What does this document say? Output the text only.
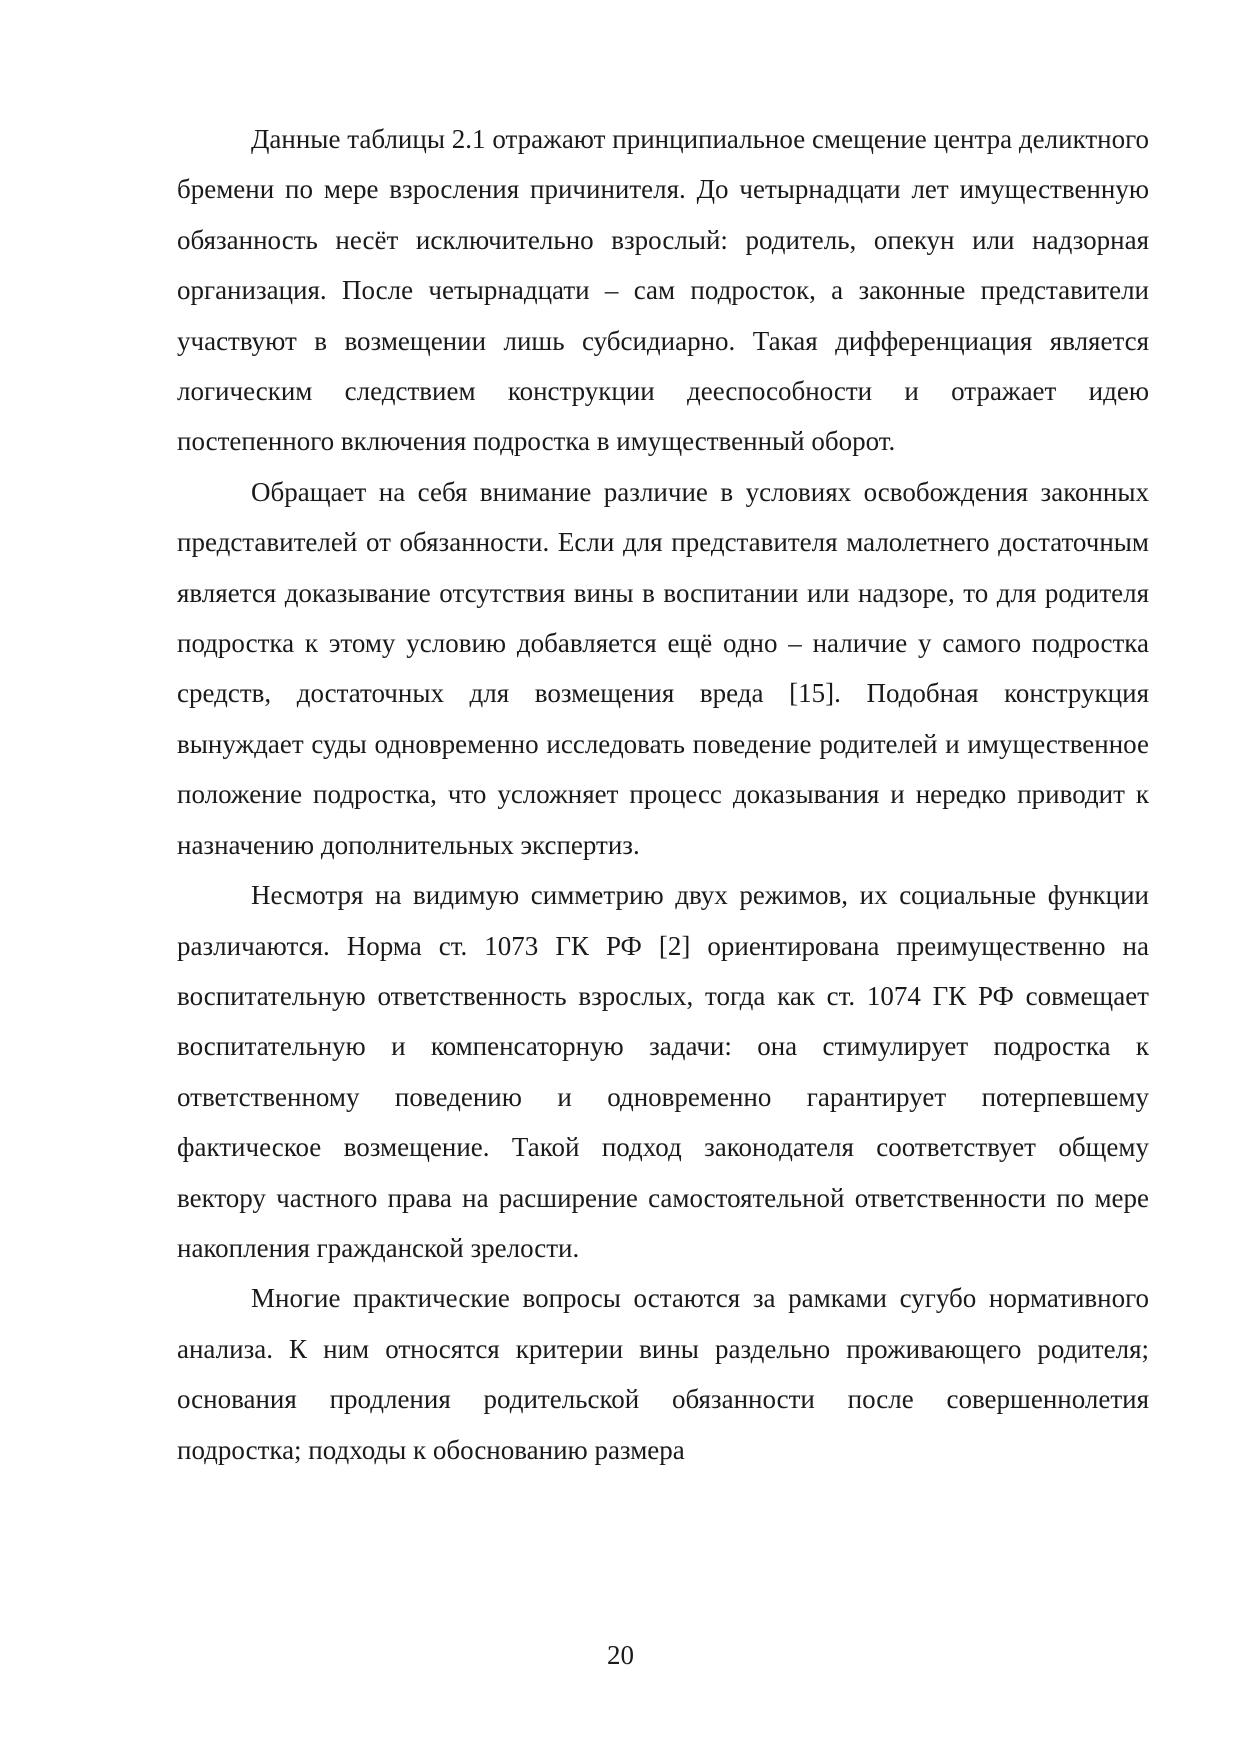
Данные таблицы 2.1 отражают принципиальное смещение центра деликтного бремени по мере взросления причинителя. До четырнадцати лет имущественную обязанность несёт исключительно взрослый: родитель, опекун или надзорная организация. После четырнадцати – сам подросток, а законные представители участвуют в возмещении лишь субсидиарно. Такая дифференциация является логическим следствием конструкции дееспособности и отражает идею постепенного включения подростка в имущественный оборот.

Обращает на себя внимание различие в условиях освобождения законных представителей от обязанности. Если для представителя малолетнего достаточным является доказывание отсутствия вины в воспитании или надзоре, то для родителя подростка к этому условию добавляется ещё одно – наличие у самого подростка средств, достаточных для возмещения вреда [15]. Подобная конструкция вынуждает суды одновременно исследовать поведение родителей и имущественное положение подростка, что усложняет процесс доказывания и нередко приводит к назначению дополнительных экспертиз.

Несмотря на видимую симметрию двух режимов, их социальные функции различаются. Норма ст. 1073 ГК РФ [2] ориентирована преимущественно на воспитательную ответственность взрослых, тогда как ст. 1074 ГК РФ совмещает воспитательную и компенсаторную задачи: она стимулирует подростка к ответственному поведению и одновременно гарантирует потерпевшему фактическое возмещение. Такой подход законодателя соответствует общему вектору частного права на расширение самостоятельной ответственности по мере накопления гражданской зрелости.

Многие практические вопросы остаются за рамками сугубо нормативного анализа. К ним относятся критерии вины раздельно проживающего родителя; основания продления родительской обязанности после совершеннолетия подростка; подходы к обоснованию размера

20
